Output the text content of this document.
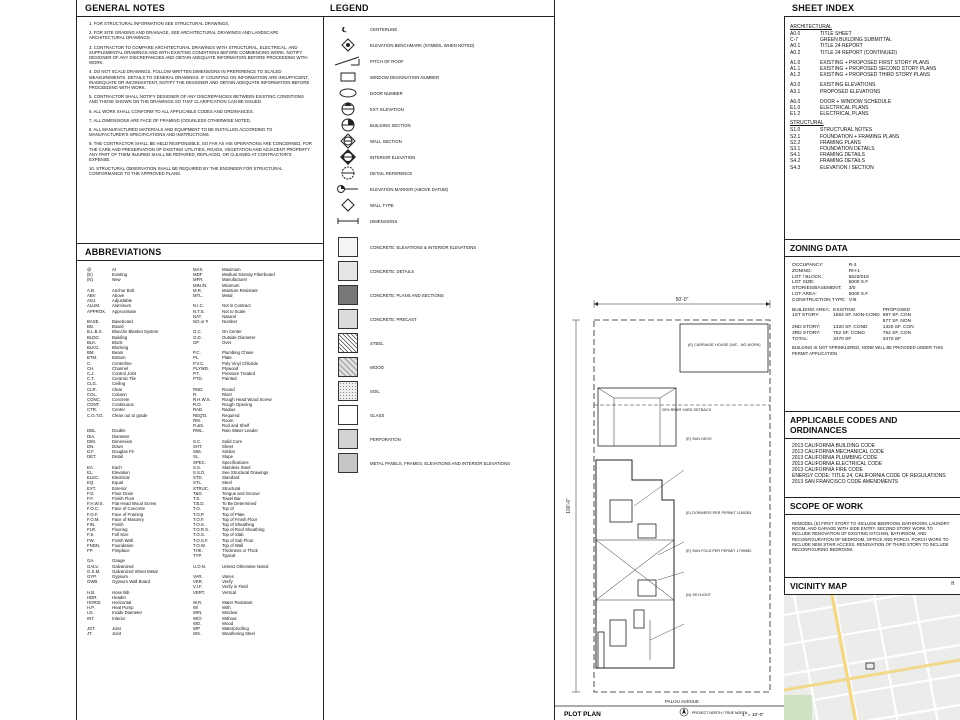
GENERAL NOTES

1. FOR STRUCTURAL INFORMATION SEE STRUCTURAL DRAWINGS.

2. FOR SITE GRADING AND DRAINAGE, SEE ARCHITECTURAL DRAWINGS AND LANDSCAPE ARCHITECTURAL DRAWINGS.

3. CONTRACTOR TO COMPARE ARCHITECTURAL DRAWINGS WITH STRUCTURAL, ELECTRICAL, AND SUPPLEMENTAL DRAWINGS AND WITH EXISTING CONDITIONS BEFORE COMMENCING WORK. NOTIFY DESIGNER OF ANY DISCREPANCIES AND OBTAIN ADEQUATE INFORMATION BEFORE PROCEEDING WITH WORK.

4. DO NOT SCALE DRAWINGS. FOLLOW WRITTEN DIMENSIONS IN PREFERENCE TO SCALED MEASUREMENTS. DETAILS TO GENERAL DRAWINGS. IF COUNTING ON INFORMATION ARE INSUFFICIENT, INADEQUATE OR INCONSISTENT, NOTIFY THE DESIGNER AND OBTAIN ADEQUATE INFORMATION BEFORE PROCEEDING WITH WORK.

5. CONTRACTOR SHALL NOTIFY DESIGNER OF ANY DISCREPANCIES BETWEEN EXISTING CONDITIONS AND THOSE SHOWN ON THE DRAWINGS SO THAT CLARIFICATION CAN BE ISSUED.

6. ALL WORK SHALL CONFORM TO ALL APPLICABLE CODES AND ORDINANCES.

7. ALL DIMENSIONS ARE FACE OF FRAMING (OOUNLESS OTHERWISE NOTED.

8. ALL MANUFACTURED MATERIALS AND EQUIPMENT TO BE INSTALLED ACCORDING TO MANUFACTURER'S SPECIFICATIONS AND INSTRUCTIONS.

9. THE CONTRACTOR SHALL BE HELD RESPONSIBLE, SO FAR AS HIS OPERATIONS ARE CONCERNED, FOR THE CARE AND PRESERVATION OF EXISTING UTILITIES, ROADS, VEGETATION AND ADJACENT PROPERTY. ANY PART OF THEM INJURED SHALL BE REPAIRED, REPLACED, OR CLEANED AT CONTRACTOR'S EXPENSE.

10. STRUCTURAL OBSERVATION SHALL BE REQUIRED BY THE ENGINEER FOR STRUCTURAL CONFORMANCE TO THE APPROVED PLANS.

ABBREVIATIONS
@	At	MAX.	Maximum
(E)	Existing	MDF	Medium Density Fiberboard
(N)	New	MFR.	Manufacturer
MIN./N.	Minimum
A.B.	Anchor Bolt	M.R.	Moisture Resistant
ABV	Above	MTL.	Metal
ADJ.	Adjustable
ALUM.	Aluminum	N.I.C.	Not in Contract
APPROX.	Approximate	N.T.S.	Not to Scale
NAT.	Natural
BASE.	Baseboard	NO.or #	Number
BD.	Board
B.L.B.S.	Blue/Jin Blanket System	O.C.	On Center
BLDG.	Building	O.D.	Outside Diameter
BLK.	Block	OF	Over
BLKG.	Blocking
BM.	Beam	P.C.	Plumbing Chase
BTM.	Bottom	PL.	Plate
C.	Centerline	P.V.C.	Poly Vinyl Chloride
CH.	Channel	PLYWD.	Plywood
C.J.	Control Joint	P.T.	Pressure Treated
C.T.	Ceramic Tile	PTD.	Painted
CLG.	Ceiling
CLR.	Clear	RND.	Round
COL.	Column	R.	Riser
CONC.	Concrete	R.H.W.S.	Rough Head Wood Screw
CONT.	Continuous	R.O.	Rough Opening
CTR.	Center	RAD.	Radius
C.O.T.G.	Clean out to grade	REQ'D.	Required
RM.	Room
R.&S.	Rod and Shelf
DBL.	Double	RWL.	Rain Water Leader
DIA.	Diameter
DIM.	Dimension	S.C.	Solid Core
DN.	Down	SHT.	Sheet
D.F.	Douglas Fir	SIM.	Similar
DET.	Detail	SL.	Slope
SPEC.	Specifications
EA.	Each	S.S.	Stainless Steel
EL.	Elevation	S.S.D.	See Structural Drawings
ELEC.	Electrical	STD.	Standard
EQ.	Equal	STL.	Steel
EXT.	Exterior	STRUC.	Structural
F.D.	Floor Drain	T&G	Tongue and Groove
F.F.	Finish Floor	T.S.	Towel Bar
F.H.W.S.	Flat Head Wood Screw	T.B.D.	To Be Determined
F.O.C.	Face of Concrete	T.O.	Top of
F.O.F.	Face of Framing	T.O.P.	Top of Plate
F.O.M.	Face of Masonry	T.O.F.	Top of Finish Floor
FIN.	Finish	T.O.S.	Top of Sheathing
FLR.	Flooring	T.O.R.S.	Top of Roof Sheathing
F.S.	Full Size	T.O.S.	Top of Slab
FW.	Finish Wall	T.O.S.F.	Top of Sub Floor
FNDN.	Foundation	T.O.W.	Top of Wall
FP.	Fireplace	THK.	Thickness or Thick
TYP.	Typical
GA.	Gauge
GALV.	Galvanized	U.O.N.	Unless Otherwise Noted
G.S.M.	Galvanized Sheet Metal
GYP.	Gypsum	VAR.	Varies
GWB.	Gypsum Wall Board	VER.	Verify
V.I.F.	Verify in Field
H.B.	Hose Bib	VERT.	Vertical
HDR.	Header
HORIZ.	Horizontal	W.R.	Water Resistant
H.P.	Heat Pump	W/	With
I.D.	Inside Diameter	WIN.	Window
INT.	Interior	W/O	Without
WD.	Wood
JST.	Joist	WP	Waterproofing
JT.	Joint	WS.	Weathering Steel
LEGEND
℄	CENTERLINE
ELEVATION BENCHMARK (SYMBOL WHEN NOTED)
PITCH OF ROOF
WINDOW DESIGNATION NUMBER
DOOR NUMBER
EXT. ELEVATION
BUILDING SECTION
WALL SECTION
INTERIOR ELEVATION
DETAIL REFERENCE
ELEVATION MARKER (ABOVE DATUM)
WALL TYPE
DIMENSIONS
CONCRETE: ELEVATIONS & INTERIOR ELEVATIONS
CONCRETE: DETAILS
CONCRETE: PLANS AND SECTIONS
CONCRETE: PRECAST
STEEL
WOOD
SOIL
GLASS
PERFORATION
METAL PANELS, FRAMES, ELEVATIONS AND INTERIOR ELEVATIONS
50'-0"
100'-0"
(E) CARRIAGE HOUSE (NIC - NO WORK)
25% REAR YARD SETBACK
(E) SUN DECK
(E) DORMERS PER PERMIT 1180283
(E) SUN FOLD PER PERMIT 1795982
(N) SKYLIGHT
PALOU AVENUE
PLOT PLAN	PROJECT NORTH / TRUE NORTH
1" = 10'-0"
SHEET INDEX
ARCHITECTURAL
A0.0	TITLE SHEET
C-7	GREEN BUILDING SUBMITTAL
A0.1	TITLE 24 REPORT
A0.2	TITLE 24 REPORT (CONTINUED)
A1.0	EXISTING + PROPOSED FIRST STORY PLANS
A1.1	EXISTING + PROPOSED SECOND STORY PLANS
A1.2	EXISTING + PROPOSED THIRD STORY PLANS
A3.0	EXISTING ELEVATIONS
A3.1	PROPOSED ELEVATIONS
A6.0	DOOR + WINDOW SCHEDULE
E1.0	ELECTRICAL PLANS
E1.2	ELECTRICAL PLANS
STRUCTURAL
S1.0	STRUCTURAL NOTES
S2.1	FOUNDATION + FRAMING PLANS
S2.2	FRAMING PLANS
S3.1	FOUNDATION DETAILS
S4.1	FRAMING DETAILS
S4.2	FRAMING DETAILS
S4.3	ELEVATION / SECTION
ZONING DATA
OCCUPANCY:	R-3
ZONING:	RH-1
LOT / BLOCK:	5523/016
LOT SIZE:	5000 S.F.
STORIES/BASEMENT:	3/0
LOT AREA:	5000 S.F.
CONSTRUCTION TYPE:	V-B
BUILDING AREA:	EXISTING	PROPOSED
1ST STORY:	1564 SF. NON-COND	987 SF. CON
		577 SF. NON
2ND STORY:	1320 SF. COND	1320 SF. CON
3RD STORY:	752 SF. COND	752 SF. CON
TOTAL:	3470 SF	3470 SF
BUILDING IS NOT SPRINKLERED, NONE WILL BE PROVIDED UNDER THIS PERMIT APPLICATION
APPLICABLE CODES AND ORDINANCES
2013 CALIFORNIA BUILDING CODE
2013 CALIFORNIA MECHANICAL CODE
2013 CALIFORNIA PLUMBING CODE
2013 CALIFORNIA ELECTRICAL CODE
2013 CALIFORNIA FIRE CODE
ENERGY CODE: TITLE 24, CALIFORNIA CODE OF REGULATIONS
2013 SAN FRANCISCO CODE AMENDMENTS
SCOPE OF WORK
REMODEL (E) FIRST STORY TO INCLUDE BEDROOM, BATHROOM, LAUNDRY ROOM, AND GARAGE WITH SIDE ENTRY. SECOND STORY WORK TO INCLUDE RENOVATION OF EXISTING KITCHEN, BATHROOM, AND RECONFIGURATION OF BEDROOM, OFFICE AND PORCH. PORCH WORK TO INCLUDE NEW STAIR ACCESS. RENOVATION OF THIRD STORY TO INCLUDE RECONFIGURING BEDROOM.
VICINITY MAP	ft
